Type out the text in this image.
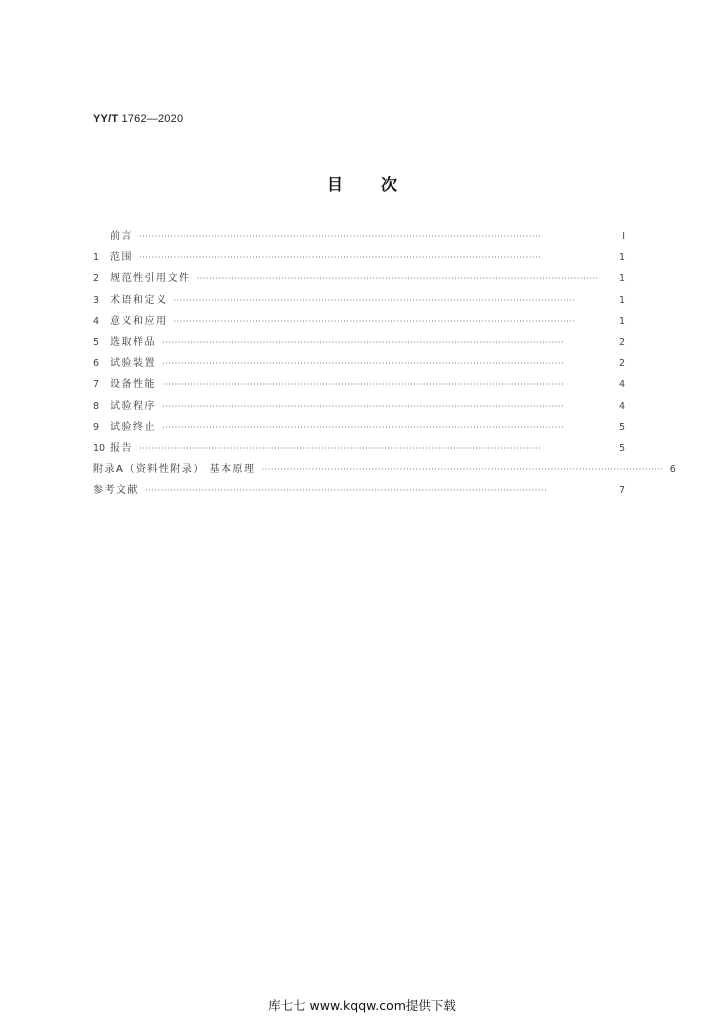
YY/T 1762—2020
目次
前言 ································································································································	Ⅰ
1	范围 ································································································································	1
2	规范性引用文件 ································································································································	1
3	术语和定义 ································································································································	1
4	意义和应用 ································································································································	1
5	选取样品 ································································································································	2
6	试验装置 ································································································································	2
7	设备性能 ································································································································	4
8	试验程序 ································································································································	4
9	试验终止 ································································································································	5
10 报告 ································································································································	5
附录A（资料性附录） 基本原理 ································································································································ 6
参考文献 ································································································································	7
库七七 www.kqqw.com提供下载
